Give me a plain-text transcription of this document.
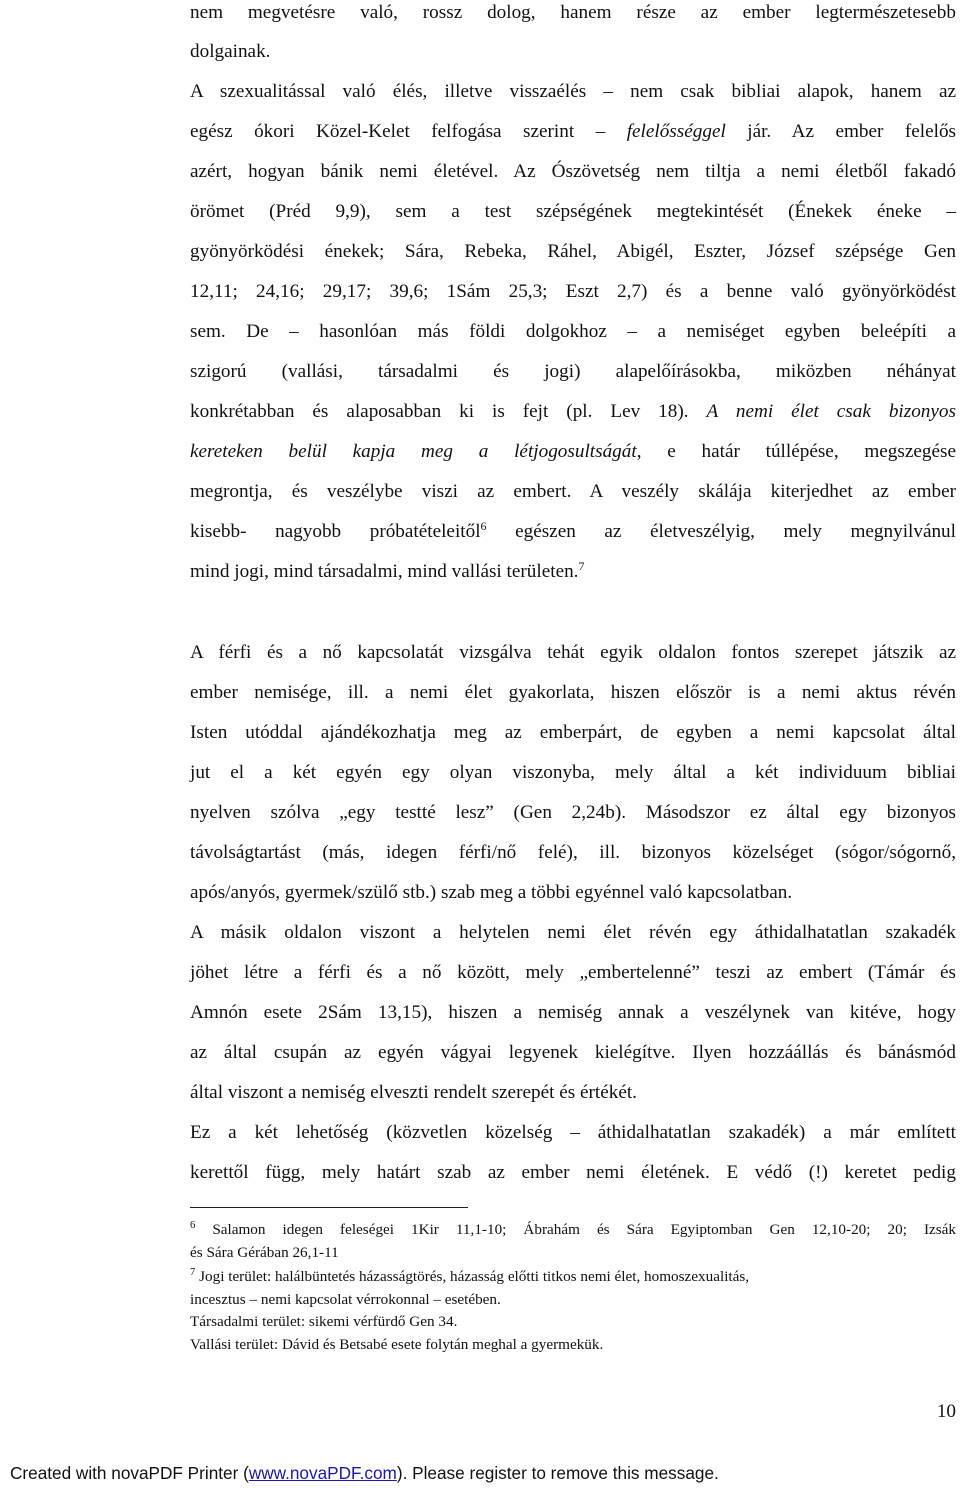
nem megvetésre való, rossz dolog, hanem része az ember legtermészetesebb
dolgainak.
A szexualitással való élés, illetve visszaélés – nem csak bibliai alapok, hanem az
egész ókori Közel-Kelet felfogása szerint – felelősséggel jár. Az ember felelős
azért, hogyan bánik nemi életével. Az Ószövetség nem tiltja a nemi életből fakadó
örömet (Préd 9,9), sem a test szépségének megtekintését (Énekek éneke –
gyönyörködési énekek; Sára, Rebeka, Ráhel, Abigél, Eszter, József szépsége Gen
12,11; 24,16; 29,17; 39,6; 1Sám 25,3; Eszt 2,7) és a benne való gyönyörködést
sem. De – hasonlóan más földi dolgokhoz – a nemiséget egyben beleépíti a
szigorú (vallási, társadalmi és jogi) alapelőírásokba, miközben néhányat
konkrétabban és alaposabban ki is fejt (pl. Lev 18). A nemi élet csak bizonyos
kereteken belül kapja meg a létjogosultságát, e határ túllépése, megszegése
megrontja, és veszélybe viszi az embert. A veszély skálája kiterjedhet az ember
kisebb- nagyobb próbatételeitől$^6$ egészen az életveszélyig, mely megnyilvánul
mind jogi, mind társadalmi, mind vallási területen.$^7$
A férfi és a nő kapcsolatát vizsgálva tehát egyik oldalon fontos szerepet játszik az
ember nemisége, ill. a nemi élet gyakorlata, hiszen először is a nemi aktus révén
Isten utóddal ajándékozhatja meg az emberpárt, de egyben a nemi kapcsolat által
jut el a két egyén egy olyan viszonyba, mely által a két individuum bibliai
nyelven szólva „egy testté lesz” (Gen 2,24b). Másodszor ez által egy bizonyos
távolságtartást (más, idegen férfi/nő felé), ill. bizonyos közelséget (sógor/sógornő,
após/anyós, gyermek/szülő stb.) szab meg a többi egyénnel való kapcsolatban.
A másik oldalon viszont a helytelen nemi élet révén egy áthidalhatatlan szakadék
jöhet létre a férfi és a nő között, mely „embertelenné” teszi az embert (Támár és
Amnón esete 2Sám 13,15), hiszen a nemiség annak a veszélynek van kitéve, hogy
az által csupán az egyén vágyai legyenek kielégítve. Ilyen hozzáállás és bánásmód
által viszont a nemiség elveszti rendelt szerepét és értékét.
Ez a két lehetőség (közvetlen közelség – áthidalhatatlan szakadék) a már említett
kerettől függ, mely határt szab az ember nemi életének. E védő (!) keretet pedig
$^6$ Salamon idegen feleségei 1Kir 11,1-10; Ábrahám és Sára Egyiptomban Gen 12,10-20; 20; Izsák
és Sára Gérában 26,1-11
$^7$ Jogi terület: halálbüntetés házasságtörés, házasság előtti titkos nemi élet, homoszexualitás,
incesztus – nemi kapcsolat vérrokonnal – esetében.
Társadalmi terület: sikemi vérfürdő Gen 34.
Vallási terület: Dávid és Betsabé esete folytán meghal a gyermekük.
10
Created with novaPDF Printer (www.novaPDF.com). Please register to remove this message.
